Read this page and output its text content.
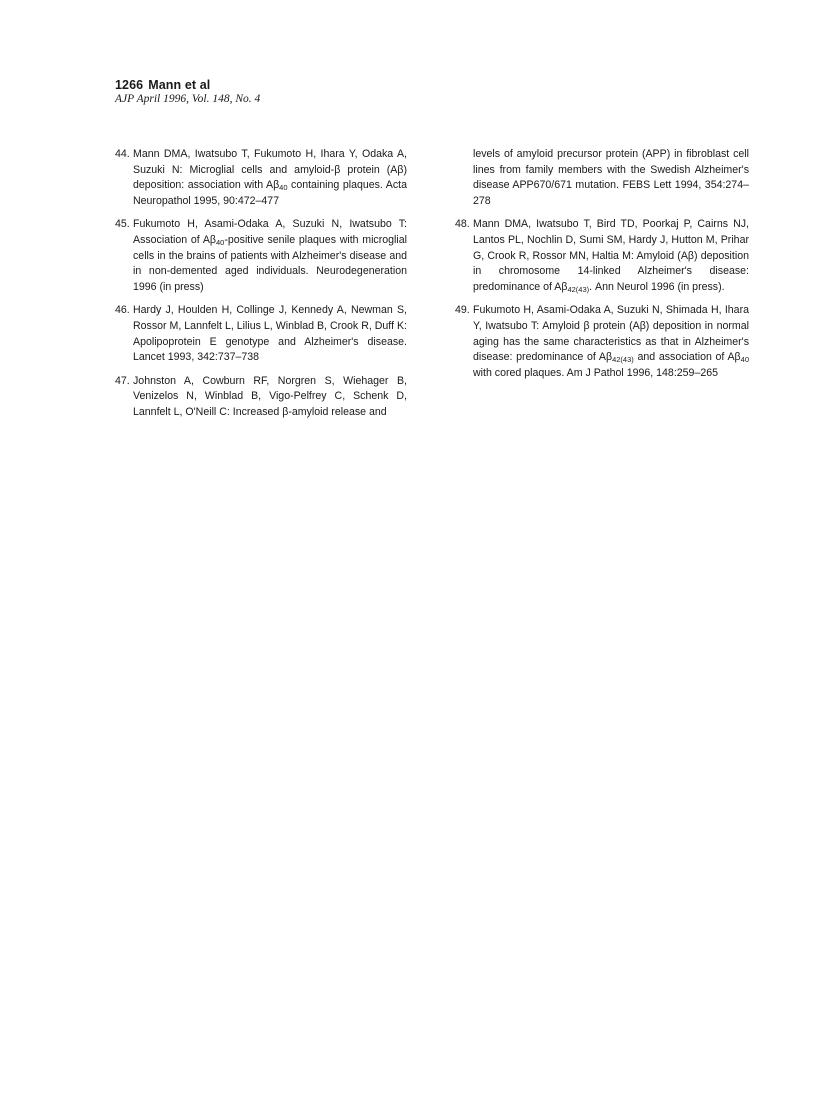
1266 Mann et al
AJP April 1996, Vol. 148, No. 4
44. Mann DMA, Iwatsubo T, Fukumoto H, Ihara Y, Odaka A, Suzuki N: Microglial cells and amyloid-β protein (Aβ) deposition: association with $A\beta_{40}$ containing plaques. Acta Neuropathol 1995, 90:472–477
45. Fukumoto H, Asami-Odaka A, Suzuki N, Iwatsubo T: Association of $A\beta_{40}$-positive senile plaques with microglial cells in the brains of patients with Alzheimer's disease and in non-demented aged individuals. Neurodegeneration 1996 (in press)
46. Hardy J, Houlden H, Collinge J, Kennedy A, Newman S, Rossor M, Lannfelt L, Lilius L, Winblad B, Crook R, Duff K: Apolipoprotein E genotype and Alzheimer's disease. Lancet 1993, 342:737–738
47. Johnston A, Cowburn RF, Norgren S, Wiehager B, Venizelos N, Winblad B, Vigo-Pelfrey C, Schenk D, Lannfelt L, O'Neill C: Increased β-amyloid release and
levels of amyloid precursor protein (APP) in fibroblast cell lines from family members with the Swedish Alzheimer's disease APP670/671 mutation. FEBS Lett 1994, 354:274–278
48. Mann DMA, Iwatsubo T, Bird TD, Poorkaj P, Cairns NJ, Lantos PL, Nochlin D, Sumi SM, Hardy J, Hutton M, Prihar G, Crook R, Rossor MN, Haltia M: Amyloid (Aβ) deposition in chromosome 14-linked Alzheimer's disease: predominance of $A\beta_{42(43)}$. Ann Neurol 1996 (in press).
49. Fukumoto H, Asami-Odaka A, Suzuki N, Shimada H, Ihara Y, Iwatsubo T: Amyloid β protein (Aβ) deposition in normal aging has the same characteristics as that in Alzheimer's disease: predominance of $A\beta_{42(43)}$ and association of $A\beta_{40}$ with cored plaques. Am J Pathol 1996, 148:259–265
